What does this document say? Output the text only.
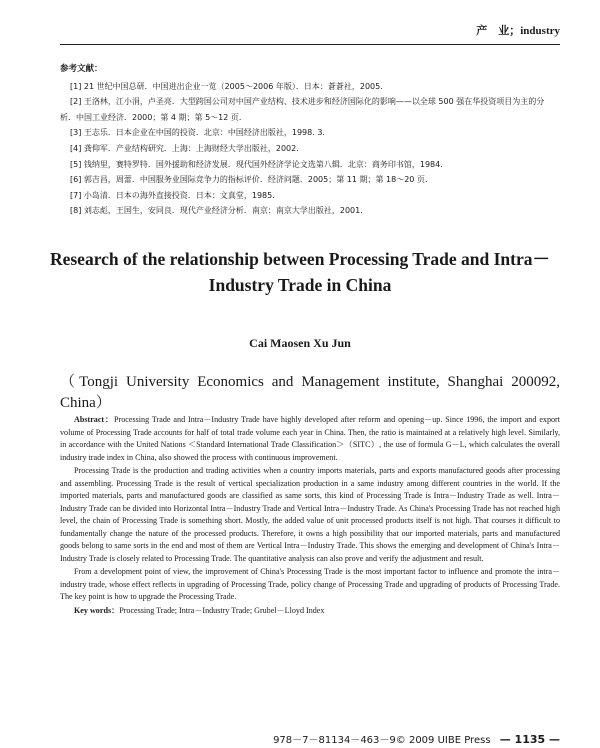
产　业；industry
参考文献：
[1] 21 世纪中国总研．中国进出企业一览（2005～2006 年版）．日本：蒼蒼社，2005.
[2] 王洛林，江小涓，卢圣亮．大型跨国公司对中国产业结构、技术进步和经济国际化的影响——以全球 500 强在华投资项目为主的分析．中国工业经济．2000；第 4 期；第 5～12 页．
[3] 王志乐．日本企业在中国的投资．北京：中国经济出版社，1998. 3.
[4] 龚仰军．产业结构研究．上海：上海财经大学出版社，2002.
[5] 钱纳里，赛特罗特．国外援助和经济发展．现代国外经济学论文选第八辑．北京：商务印书馆，1984.
[6] 郭吉昌，周蕾．中国服务业国际竞争力的指标评价．经济问题．2005；第 11 期；第 18～20 页．
[7] 小岛清．日本の海外直接投资．日本：文真堂，1985.
[8] 刘志彪，王国生，安同良．现代产业经济分析．南京：南京大学出版社，2001.
Research of the relationship between Processing Trade and Intra－Industry Trade in China
Cai Maosen Xu Jun
（Tongji University Economics and Management institute, Shanghai 200092, China）

Abstract：Processing Trade and Intra－Industry Trade have highly developed after reform and opening－up. Since 1996, the import and export volume of Processing Trade accounts for half of total trade volume each year in China. Then, the ratio is maintained at a relatively high level. Similarly, in accordance with the United Nations ＜Standard International Trade Classification＞（SITC）, the use of formula G－L, which calculates the overall industry trade index in China, also showed the process with continuous improvement.

Processing Trade is the production and trading activities when a country imports materials, parts and exports manufactured goods after processing and assembling. Processing Trade is the result of vertical specialization production in a same industry among different countries in the world. If the imported materials, parts and manufactured goods are classified as same sorts, this kind of Processing Trade is Intra－Industry Trade as well. Intra－Industry Trade can be divided into Horizontal Intra－Industry Trade and Vertical Intra－Industry Trade. As China's Processing Trade has not reached high level, the chain of Processing Trade is something short. Mostly, the added value of unit processed products itself is not high. That courses it difficult to fundamentally change the nature of the processed products. Therefore, it owns a high possibility that our imported materials, parts and manufactured goods belong to same sorts in the end and most of them are Vertical Intra－Industry Trade. This shows the emerging and development of China's Intra－Industry Trade is closely related to Processing Trade. The quantitative analysis can also prove and verify the adjustment and result.

From a development point of view, the improvement of China's Processing Trade is the most important factor to influence and promote the intra－industry trade, whose effect reflects in upgrading of Processing Trade, policy change of Processing Trade and upgrading of products of Processing Trade. The key point is how to upgrade the Processing Trade.

Key words：Processing Trade; Intra－Industry Trade; Grubel－Lloyd Index

978－7－81134－463－9© 2009 UIBE Press — 1135 —
